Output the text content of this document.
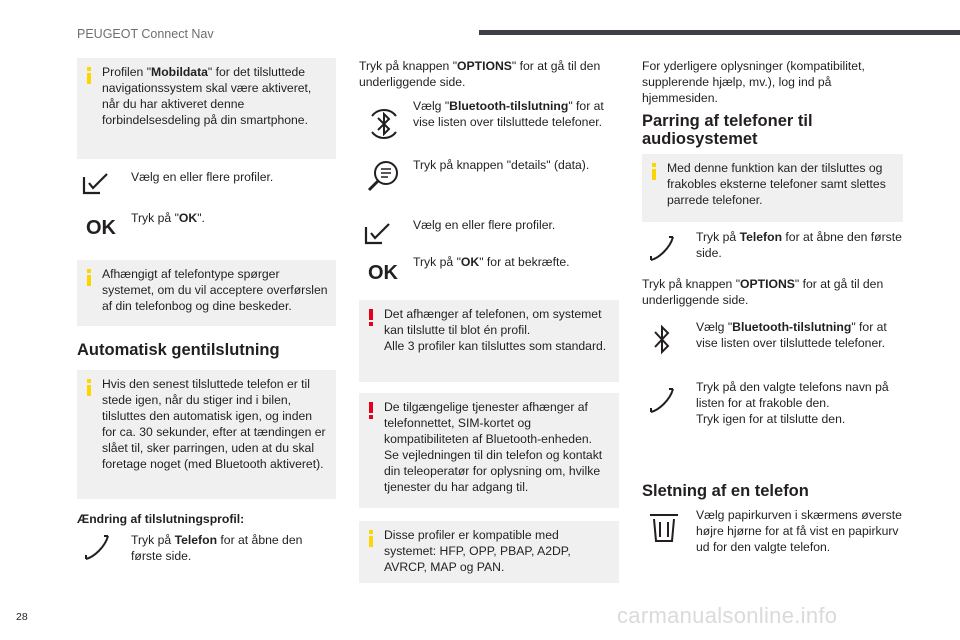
PEUGEOT Connect Nav

Profilen "Mobildata" for det tilsluttede navigationssystem skal være aktiveret, når du har aktiveret denne forbindelsesdeling på din smartphone.

Vælg en eller flere profiler.
OK Tryk på "OK".

Afhængigt af telefontype spørger systemet, om du vil acceptere overførslen af din telefonbog og dine beskeder.

Automatisk gentilslutning

Hvis den senest tilsluttede telefon er til stede igen, når du stiger ind i bilen, tilsluttes den automatisk igen, og inden for ca. 30 sekunder, efter at tændingen er slået til, sker parringen, uden at du skal foretage noget (med Bluetooth aktiveret).

Ændring af tilslutningsprofil:
Tryk på Telefon for at åbne den første side.
Tryk på knappen "OPTIONS" for at gå til den underliggende side.
Vælg "Bluetooth-tilslutning" for at vise listen over tilsluttede telefoner.
Tryk på knappen "details" (data).
Vælg en eller flere profiler.
OK Tryk på "OK" for at bekræfte.

Det afhænger af telefonen, om systemet kan tilslutte til blot én profil.
Alle 3 profiler kan tilsluttes som standard.

De tilgængelige tjenester afhænger af telefonnettet, SIM-kortet og kompatibiliteten af Bluetooth-enheden.
Se vejledningen til din telefon og kontakt din teleoperatør for oplysning om, hvilke tjenester du har adgang til.

Disse profiler er kompatible med systemet: HFP, OPP, PBAP, A2DP, AVRCP, MAP og PAN.

For yderligere oplysninger (kompatibilitet, supplerende hjælp, mv.), log ind på hjemmesiden.
Parring af telefoner til audiosystemet

Med denne funktion kan der tilsluttes og frakobles eksterne telefoner samt slettes parrede telefoner.

Tryk på Telefon for at åbne den første side.
Tryk på knappen "OPTIONS" for at gå til den underliggende side.
Vælg "Bluetooth-tilslutning" for at vise listen over tilsluttede telefoner.
Tryk på den valgte telefons navn på listen for at frakoble den.
Tryk igen for at tilslutte den.
Sletning af en telefon
Vælg papirkurven i skærmens øverste højre hjørne for at få vist en papirkurv ud for den valgte telefon.
28	carmanualsonline.info
